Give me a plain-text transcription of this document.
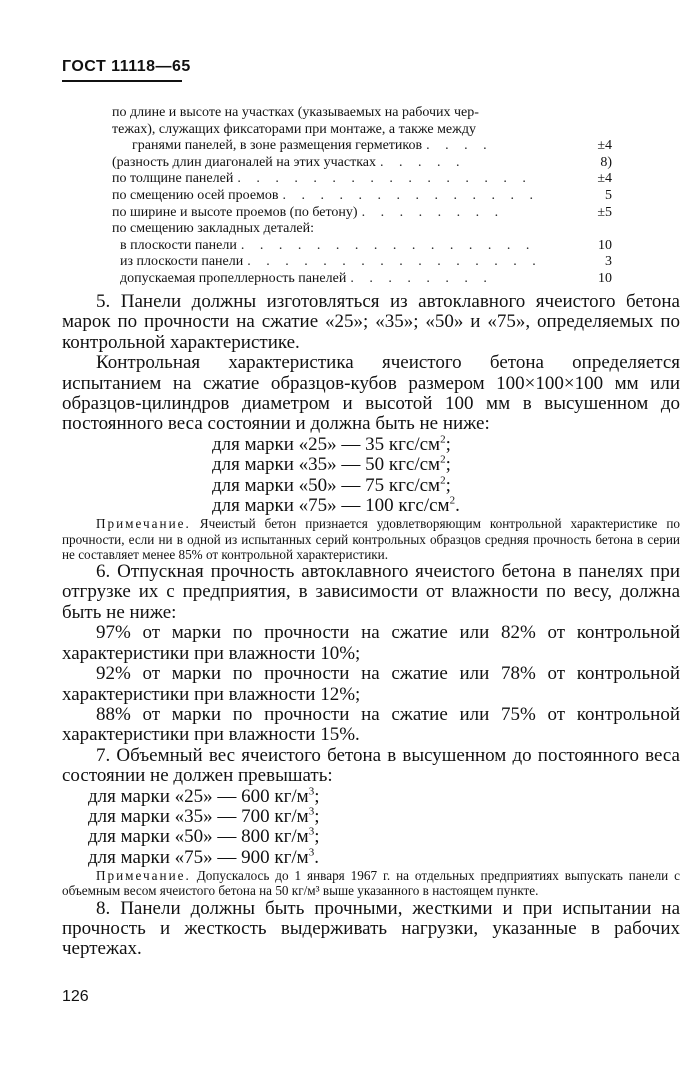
ГОСТ 11118—65
по длине и высоте на участках (указываемых на рабочих чер-
тежах), служащих фиксаторами при монтаже, а также между
гранями панелей, в зоне размещения герметиков . . . .	±4
(разность длин диагоналей на этих участках . . . . .	8)
по толщине панелей . . . . . . . . . . . . . . . .	±4
по смещению осей проемов . . . . . . . . . . . . . .	5
по ширине и высоте проемов (по бетону) . . . . . . . .	±5
по смещению закладных деталей:
в плоскости панели . . . . . . . . . . . . . . . .	10
из плоскости панели . . . . . . . . . . . . . . . .	3
допускаемая пропеллерность панелей . . . . . . . .	10

5. Панели должны изготовляться из автоклавного ячеистого бетона марок по прочности на сжатие «25»; «35»; «50» и «75», определяемых по контрольной характеристике.

Контрольная характеристика ячеистого бетона определяется испытанием на сжатие образцов-кубов размером 100×100×100 мм или образцов-цилиндров диаметром и высотой 100 мм в высушенном до постоянного веса состоянии и должна быть не ниже:

для марки «25» — 35 кгс/$см^2$;

для марки «35» — 50 кгс/$см^2$;

для марки «50» — 75 кгс/$см^2$;

для марки «75» — 100 кгс/$см^2$.

Примечание. Ячеистый бетон признается удовлетворяющим контрольной характеристике по прочности, если ни в одной из испытанных серий контрольных образцов средняя прочность бетона в серии не составляет менее 85% от контрольной характеристики.

6. Отпускная прочность автоклавного ячеистого бетона в панелях при отгрузке их с предприятия, в зависимости от влажности по весу, должна быть не ниже:

97% от марки по прочности на сжатие или 82% от контрольной характеристики при влажности 10%;

92% от марки по прочности на сжатие или 78% от контрольной характеристики при влажности 12%;

88% от марки по прочности на сжатие или 75% от контрольной характеристики при влажности 15%.

7. Объемный вес ячеистого бетона в высушенном до постоянного веса состоянии не должен превышать:

для марки «25» — 600 $кг/м^3$;

для марки «35» — 700 $кг/м^3$;

для марки «50» — 800 $кг/м^3$;

для марки «75» — 900 $кг/м^3$.

Примечание. Допускалось до 1 января 1967 г. на отдельных предприятиях выпускать панели с объемным весом ячеистого бетона на 50 кг/м³ выше указанного в настоящем пункте.

8. Панели должны быть прочными, жесткими и при испытании на прочность и жесткость выдерживать нагрузки, указанные в рабочих чертежах.

126
